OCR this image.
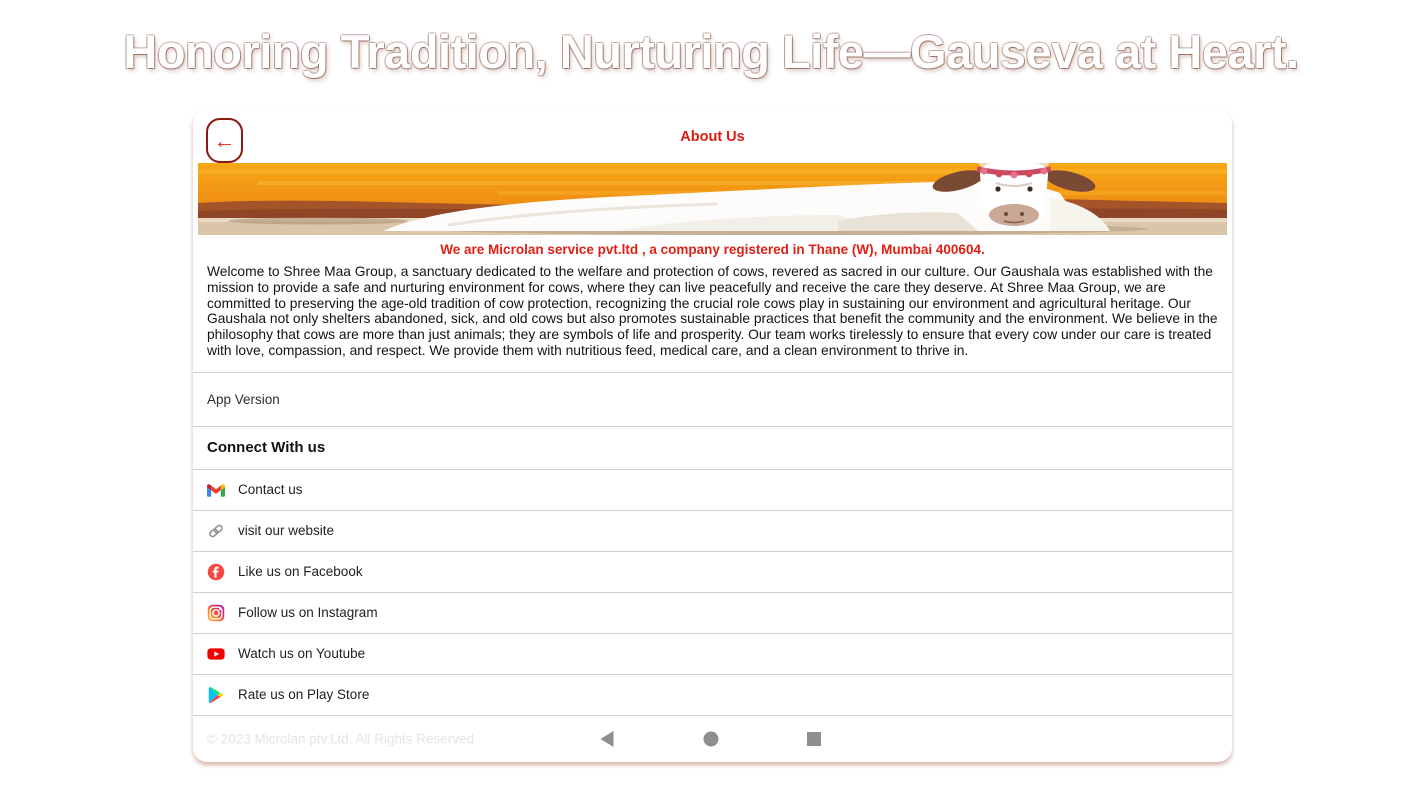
Honoring Tradition, Nurturing Life—Gauseva at Heart.
←	About Us
We are Microlan service pvt.ltd , a company registered in Thane (W), Mumbai 400604.
Welcome to Shree Maa Group, a sanctuary dedicated to the welfare and protection of cows, revered as sacred in our culture. Our Gaushala was established with the mission to provide a safe and nurturing environment for cows, where they can live peacefully and receive the care they deserve. At Shree Maa Group, we are committed to preserving the age-old tradition of cow protection, recognizing the crucial role cows play in sustaining our environment and agricultural heritage. Our Gaushala not only shelters abandoned, sick, and old cows but also promotes sustainable practices that benefit the community and the environment. We believe in the philosophy that cows are more than just animals; they are symbols of life and prosperity. Our team works tirelessly to ensure that every cow under our care is treated with love, compassion, and respect. We provide them with nutritious feed, medical care, and a clean environment to thrive in.
App Version
Connect With us
Contact us
visit our website
Like us on Facebook
Follow us on Instagram
Watch us on Youtube
Rate us on Play Store
© 2023 Microlan ptv.Ltd. All Rights Reserved
